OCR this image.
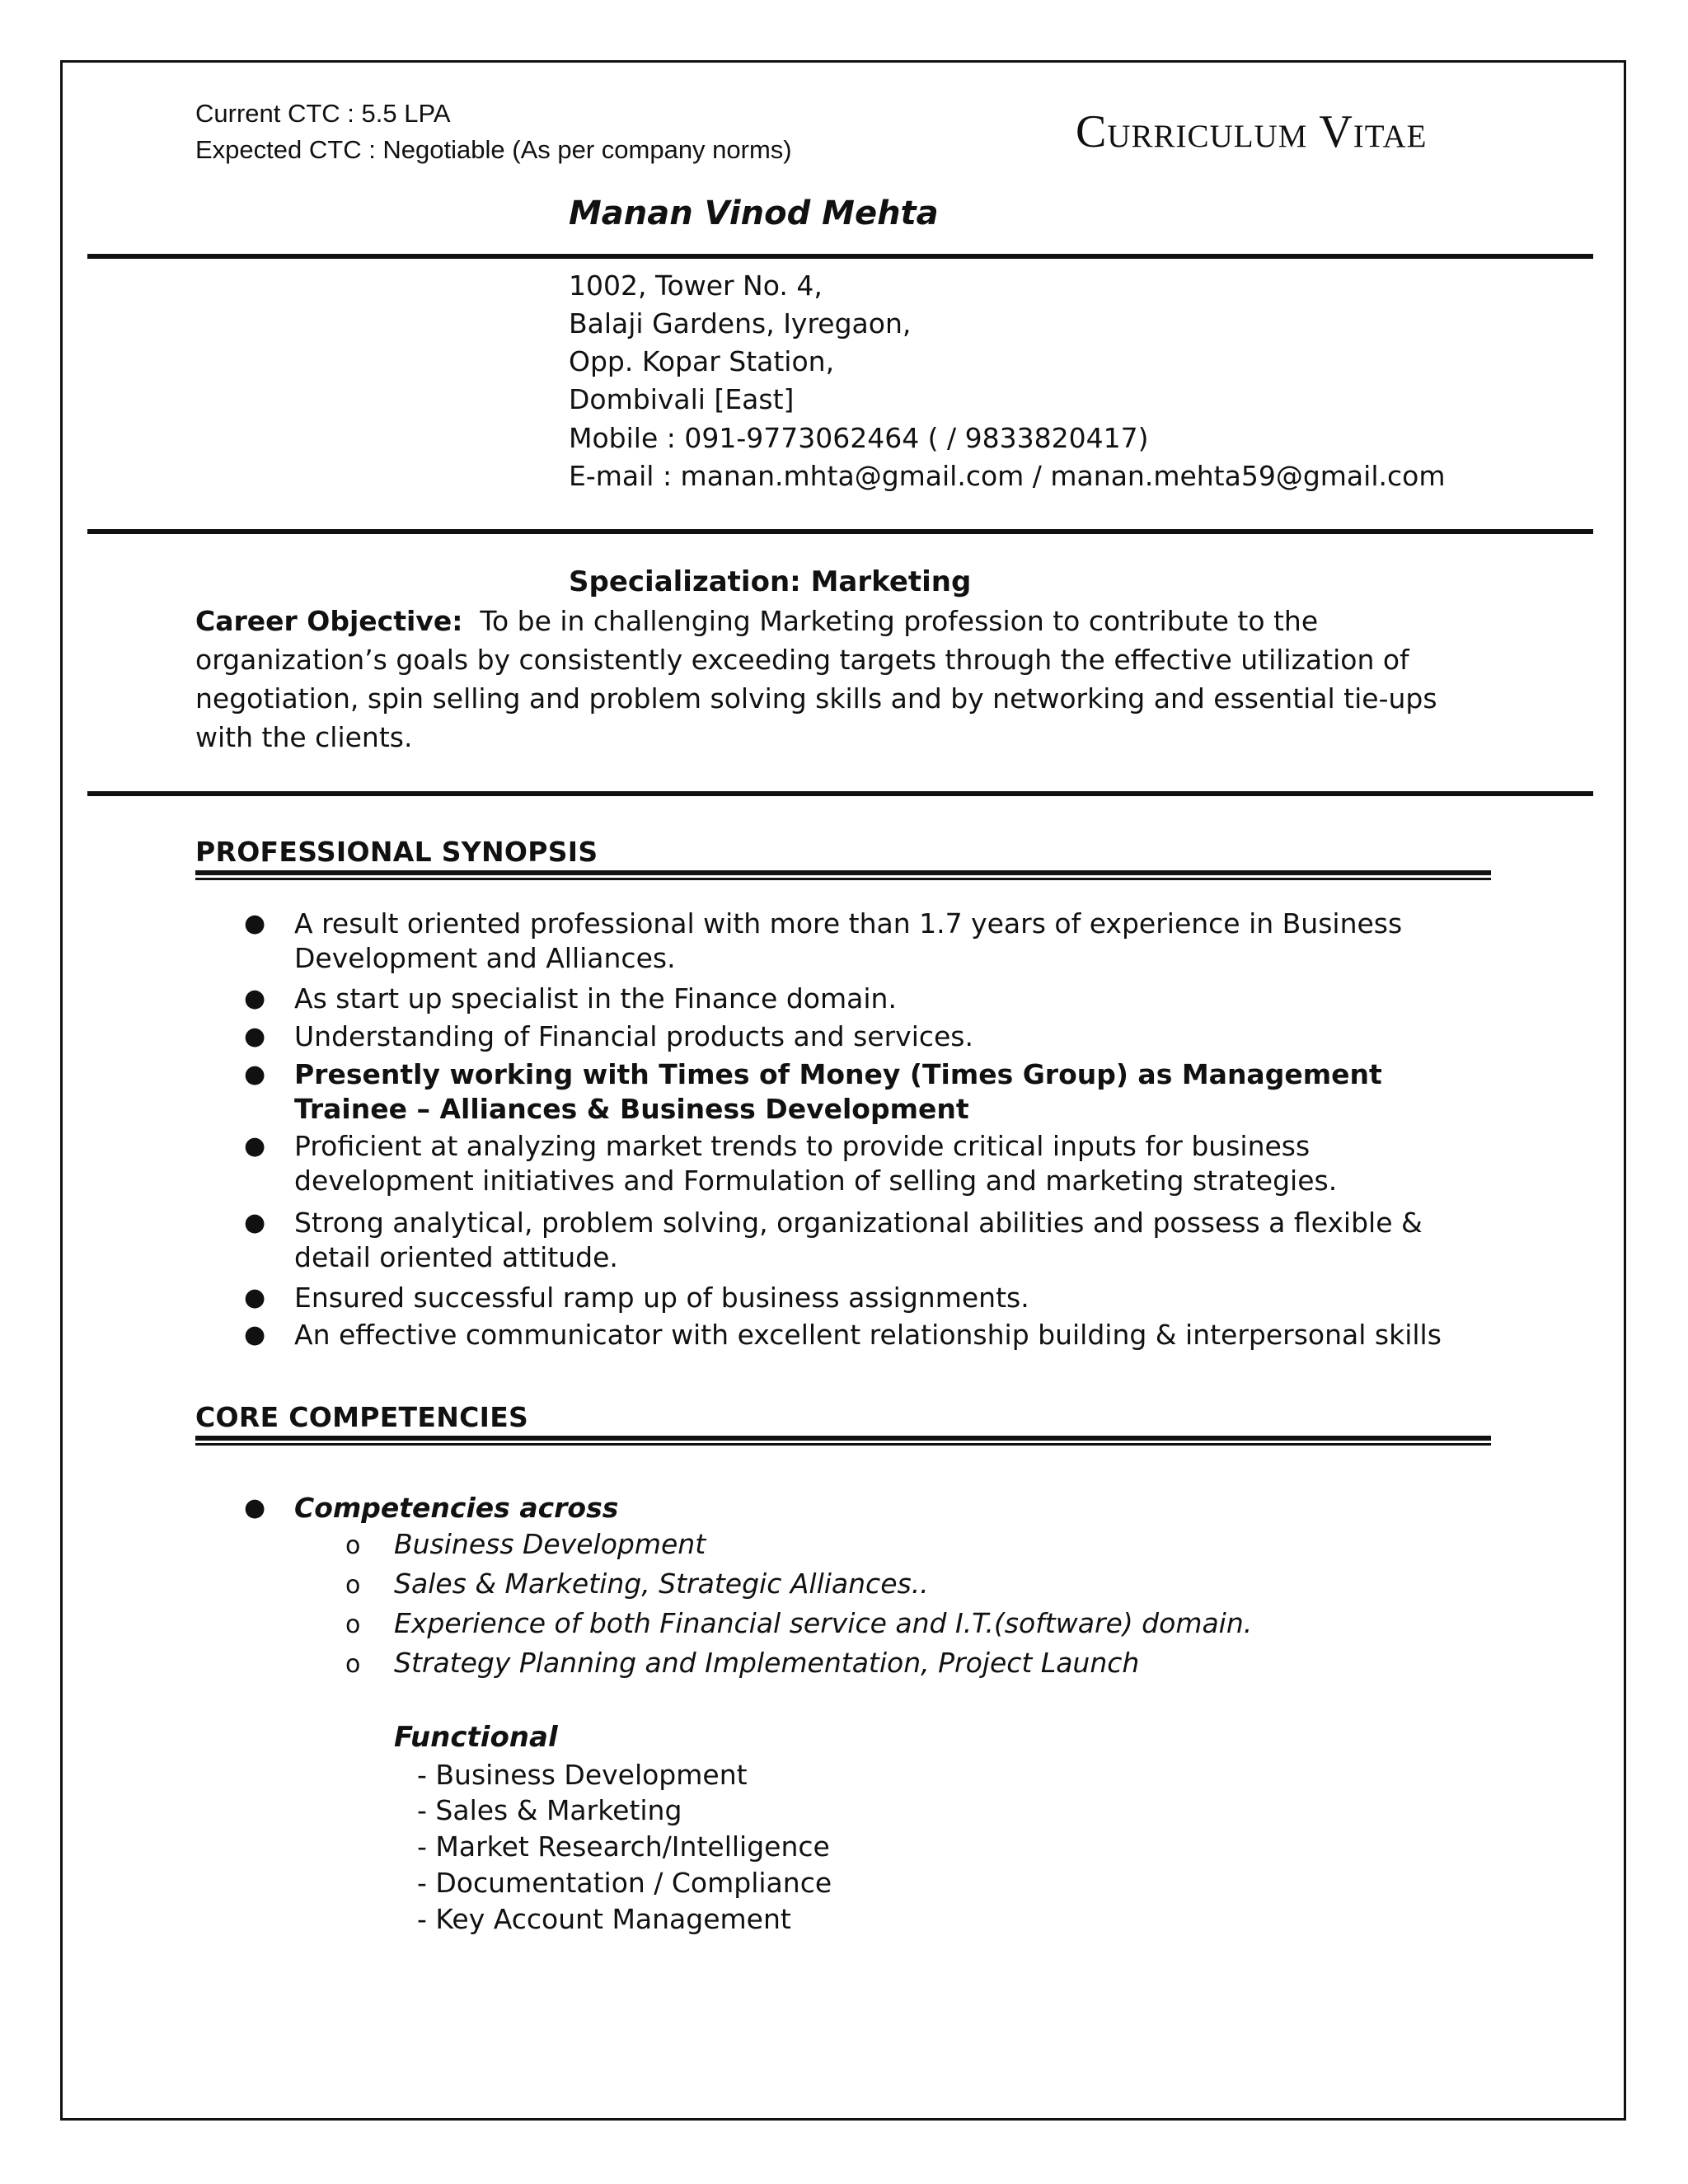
Current CTC : 5.5 LPA
Expected CTC : Negotiable (As per company norms)	Curriculum Vitae
Manan Vinod Mehta
1002, Tower No. 4,
Balaji Gardens, Iyregaon,
Opp. Kopar Station,
Dombivali [East]
Mobile : 091-9773062464 ( / 9833820417)
E-mail : manan.mhta@gmail.com / manan.mehta59@gmail.com
Specialization: Marketing
Career Objective: To be in challenging Marketing profession to contribute to the organization’s goals by consistently exceeding targets through the effective utilization of negotiation, spin selling and problem solving skills and by networking and essential tie-ups with the clients.
PROFESSIONAL SYNOPSIS
● A result oriented professional with more than 1.7 years of experience in Business Development and Alliances.
● As start up specialist in the Finance domain.
● Understanding of Financial products and services.
● Presently working with Times of Money (Times Group) as Management Trainee – Alliances & Business Development
● Proficient at analyzing market trends to provide critical inputs for business development initiatives and Formulation of selling and marketing strategies.
● Strong analytical, problem solving, organizational abilities and possess a flexible & detail oriented attitude.
● Ensured successful ramp up of business assignments.
● An effective communicator with excellent relationship building & interpersonal skills
CORE COMPETENCIES
● Competencies across
o Business Development
o Sales & Marketing, Strategic Alliances..
o Experience of both Financial service and I.T.(software) domain.
o Strategy Planning and Implementation, Project Launch
Functional
- Business Development
- Sales & Marketing
- Market Research/Intelligence
- Documentation / Compliance
- Key Account Management
